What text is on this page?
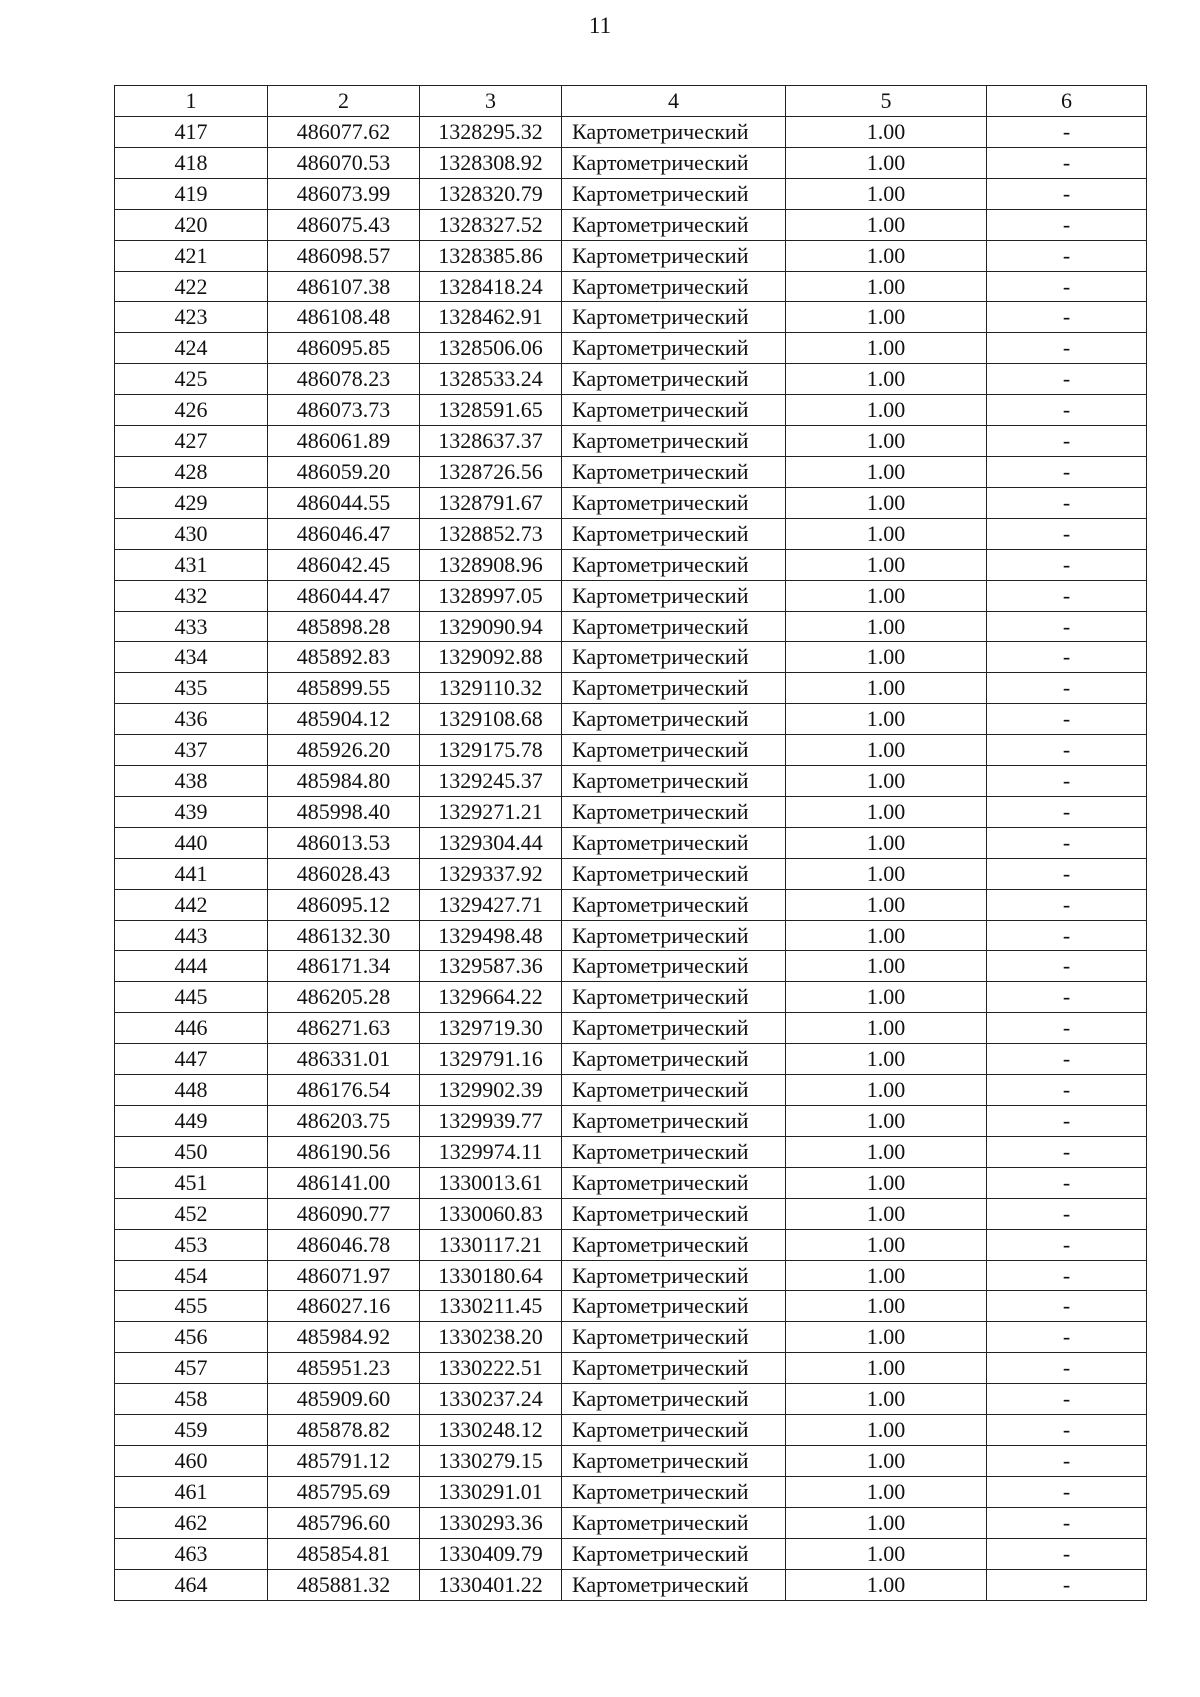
11
1	2	3	4	5	6
417	486077.62	1328295.32	Картометрический	1.00	-
418	486070.53	1328308.92	Картометрический	1.00	-
419	486073.99	1328320.79	Картометрический	1.00	-
420	486075.43	1328327.52	Картометрический	1.00	-
421	486098.57	1328385.86	Картометрический	1.00	-
422	486107.38	1328418.24	Картометрический	1.00	-
423	486108.48	1328462.91	Картометрический	1.00	-
424	486095.85	1328506.06	Картометрический	1.00	-
425	486078.23	1328533.24	Картометрический	1.00	-
426	486073.73	1328591.65	Картометрический	1.00	-
427	486061.89	1328637.37	Картометрический	1.00	-
428	486059.20	1328726.56	Картометрический	1.00	-
429	486044.55	1328791.67	Картометрический	1.00	-
430	486046.47	1328852.73	Картометрический	1.00	-
431	486042.45	1328908.96	Картометрический	1.00	-
432	486044.47	1328997.05	Картометрический	1.00	-
433	485898.28	1329090.94	Картометрический	1.00	-
434	485892.83	1329092.88	Картометрический	1.00	-
435	485899.55	1329110.32	Картометрический	1.00	-
436	485904.12	1329108.68	Картометрический	1.00	-
437	485926.20	1329175.78	Картометрический	1.00	-
438	485984.80	1329245.37	Картометрический	1.00	-
439	485998.40	1329271.21	Картометрический	1.00	-
440	486013.53	1329304.44	Картометрический	1.00	-
441	486028.43	1329337.92	Картометрический	1.00	-
442	486095.12	1329427.71	Картометрический	1.00	-
443	486132.30	1329498.48	Картометрический	1.00	-
444	486171.34	1329587.36	Картометрический	1.00	-
445	486205.28	1329664.22	Картометрический	1.00	-
446	486271.63	1329719.30	Картометрический	1.00	-
447	486331.01	1329791.16	Картометрический	1.00	-
448	486176.54	1329902.39	Картометрический	1.00	-
449	486203.75	1329939.77	Картометрический	1.00	-
450	486190.56	1329974.11	Картометрический	1.00	-
451	486141.00	1330013.61	Картометрический	1.00	-
452	486090.77	1330060.83	Картометрический	1.00	-
453	486046.78	1330117.21	Картометрический	1.00	-
454	486071.97	1330180.64	Картометрический	1.00	-
455	486027.16	1330211.45	Картометрический	1.00	-
456	485984.92	1330238.20	Картометрический	1.00	-
457	485951.23	1330222.51	Картометрический	1.00	-
458	485909.60	1330237.24	Картометрический	1.00	-
459	485878.82	1330248.12	Картометрический	1.00	-
460	485791.12	1330279.15	Картометрический	1.00	-
461	485795.69	1330291.01	Картометрический	1.00	-
462	485796.60	1330293.36	Картометрический	1.00	-
463	485854.81	1330409.79	Картометрический	1.00	-
464	485881.32	1330401.22	Картометрический	1.00	-
